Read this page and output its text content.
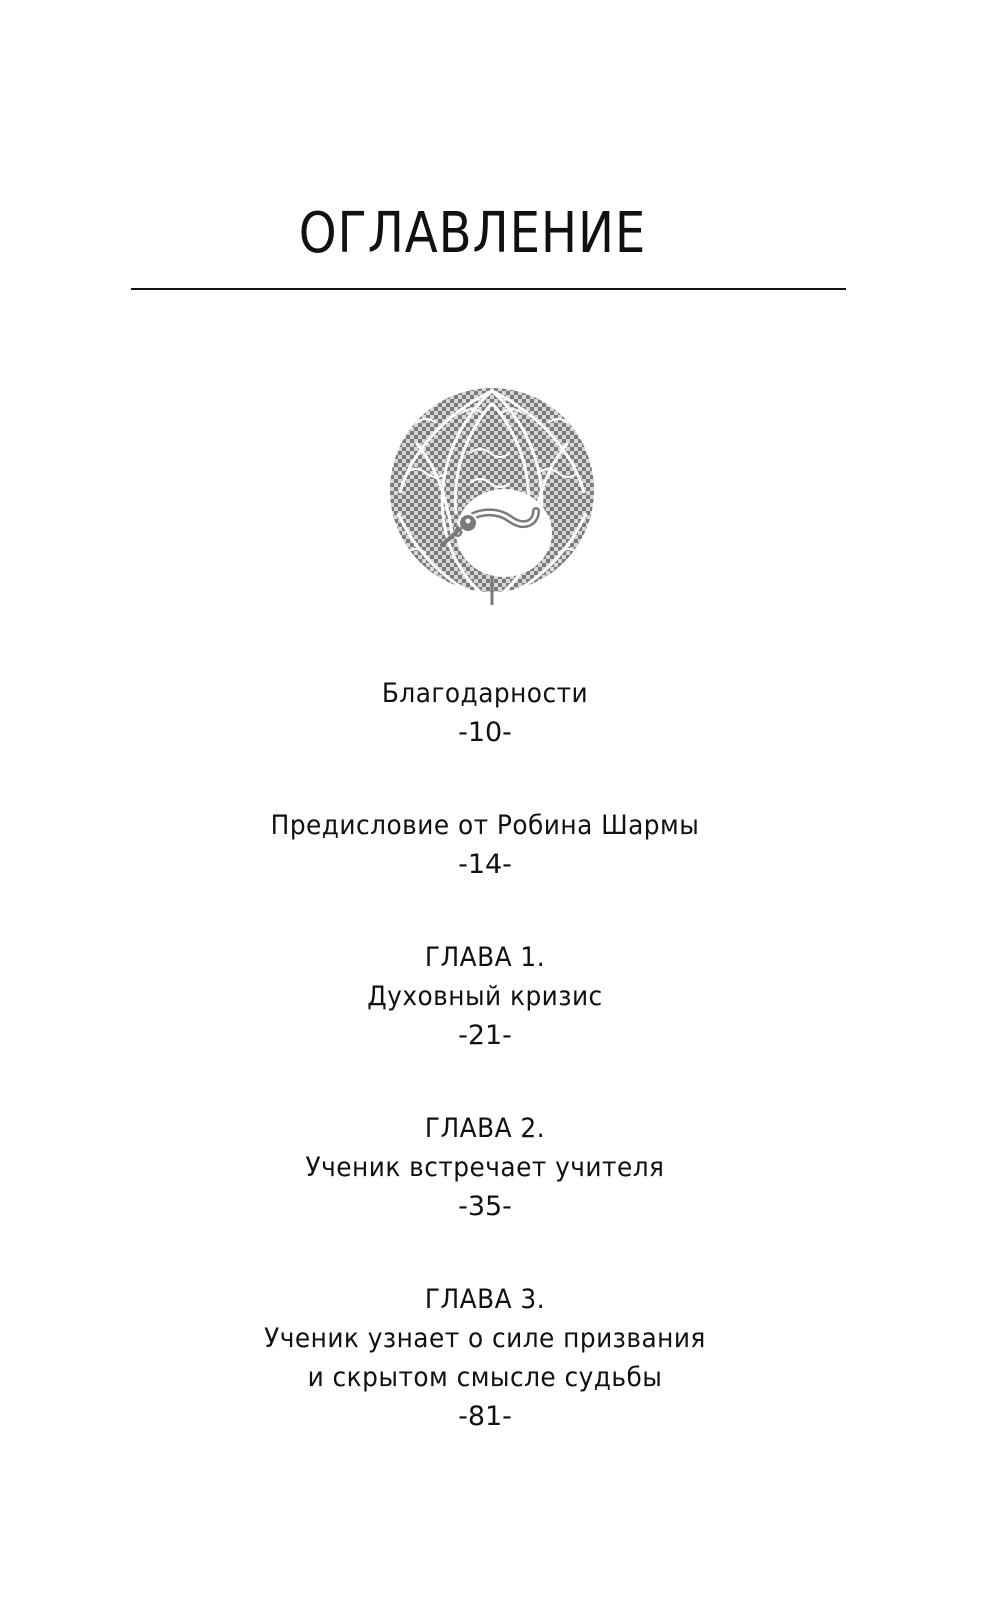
ОГЛАВЛЕНИЕ
Благодарности
-10-
Предисловие от Робина Шармы
-14-
ГЛАВА 1.
Духовный кризис
-21-
ГЛАВА 2.
Ученик встречает учителя
-35-
ГЛАВА 3.
Ученик узнает о силе призвания
и скрытом смысле судьбы
-81-
